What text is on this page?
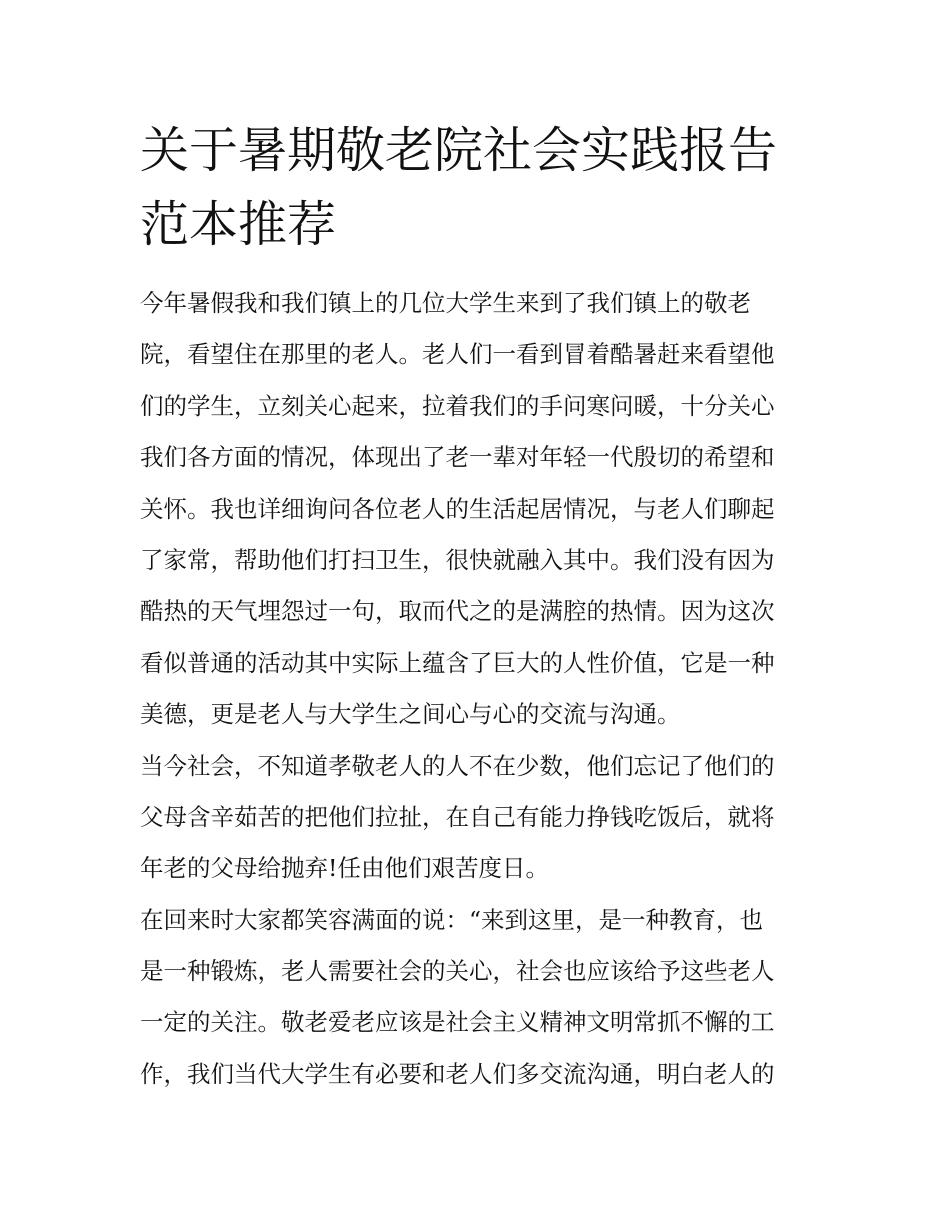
关于暑期敬老院社会实践报告
范本推荐
今年暑假我和我们镇上的几位大学生来到了我们镇上的敬老
院，看望住在那里的老人。老人们一看到冒着酷暑赶来看望他
们的学生，立刻关心起来，拉着我们的手问寒问暖，十分关心
我们各方面的情况，体现出了老一辈对年轻一代殷切的希望和
关怀。我也详细询问各位老人的生活起居情况，与老人们聊起
了家常，帮助他们打扫卫生，很快就融入其中。我们没有因为
酷热的天气埋怨过一句，取而代之的是满腔的热情。因为这次
看似普通的活动其中实际上蕴含了巨大的人性价值，它是一种
美德，更是老人与大学生之间心与心的交流与沟通。
当今社会，不知道孝敬老人的人不在少数，他们忘记了他们的
父母含辛茹苦的把他们拉扯，在自己有能力挣钱吃饭后，就将
年老的父母给抛弃!任由他们艰苦度日。
在回来时大家都笑容满面的说：“来到这里，是一种教育，也
是一种锻炼，老人需要社会的关心，社会也应该给予这些老人
一定的关注。敬老爱老应该是社会主义精神文明常抓不懈的工
作，我们当代大学生有必要和老人们多交流沟通，明白老人的
